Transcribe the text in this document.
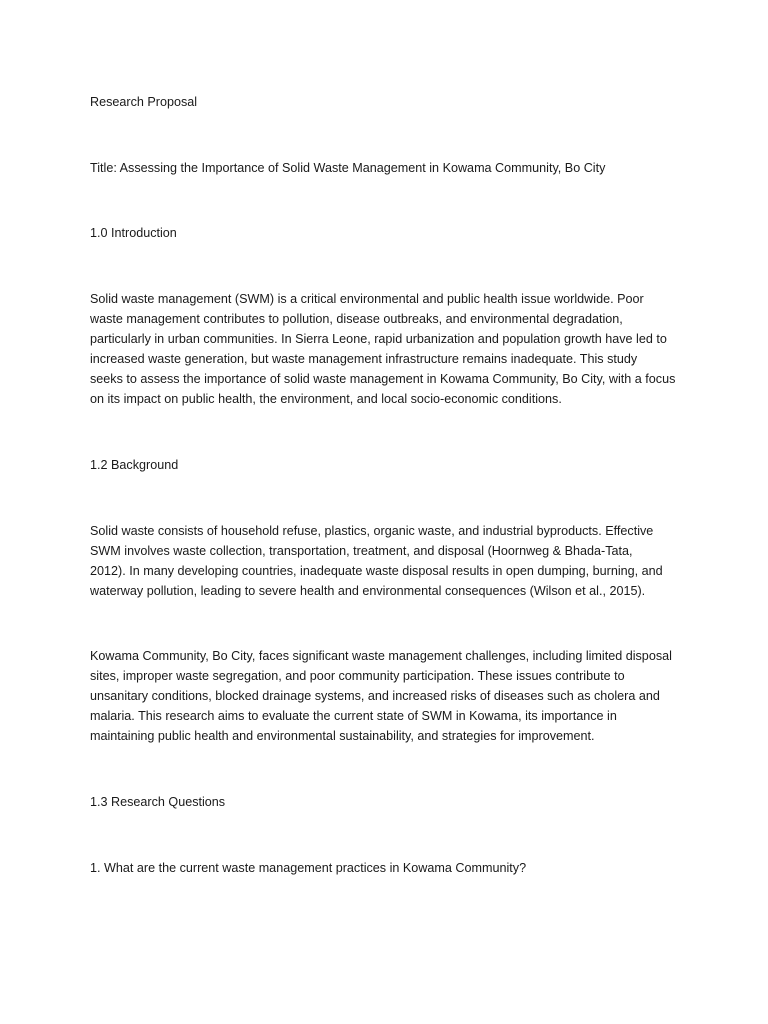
Research Proposal

Title: Assessing the Importance of Solid Waste Management in Kowama Community, Bo City

1.0 Introduction

Solid waste management (SWM) is a critical environmental and public health issue worldwide. Poor
waste management contributes to pollution, disease outbreaks, and environmental degradation,
particularly in urban communities. In Sierra Leone, rapid urbanization and population growth have led to
increased waste generation, but waste management infrastructure remains inadequate. This study
seeks to assess the importance of solid waste management in Kowama Community, Bo City, with a focus
on its impact on public health, the environment, and local socio-economic conditions.

1.2 Background

Solid waste consists of household refuse, plastics, organic waste, and industrial byproducts. Effective
SWM involves waste collection, transportation, treatment, and disposal (Hoornweg & Bhada-Tata,
2012). In many developing countries, inadequate waste disposal results in open dumping, burning, and
waterway pollution, leading to severe health and environmental consequences (Wilson et al., 2015).
Kowama Community, Bo City, faces significant waste management challenges, including limited disposal
sites, improper waste segregation, and poor community participation. These issues contribute to
unsanitary conditions, blocked drainage systems, and increased risks of diseases such as cholera and
malaria. This research aims to evaluate the current state of SWM in Kowama, its importance in
maintaining public health and environmental sustainability, and strategies for improvement.

1.3 Research Questions

1. What are the current waste management practices in Kowama Community?
